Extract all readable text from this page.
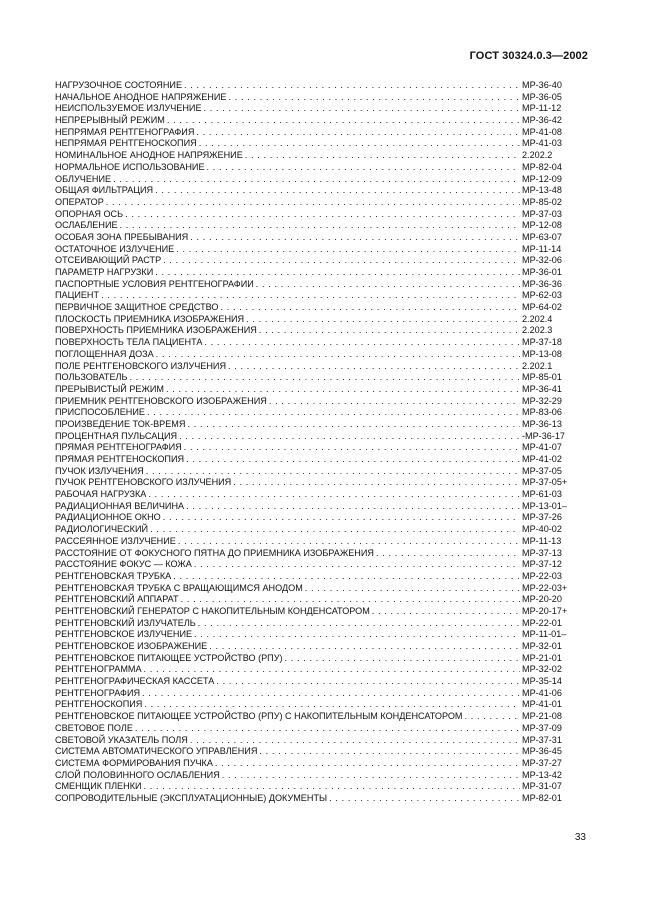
ГОСТ 30324.0.3—2002
НАГРУЗОЧНОЕ СОСТОЯНИЕ . . .	МР-36-40
НАЧАЛЬНОЕ АНОДНОЕ НАПРЯЖЕНИЕ . . .	МР-36-05
НЕИСПОЛЬЗУЕМОЕ ИЗЛУЧЕНИЕ . . .	МР-11-12
НЕПРЕРЫВНЫЙ РЕЖИМ . . .	МР-36-42
НЕПРЯМАЯ РЕНТГЕНОГРАФИЯ . . .	МР-41-08
НЕПРЯМАЯ РЕНТГЕНОСКОПИЯ . . .	МР-41-03
НОМИНАЛЬНОЕ АНОДНОЕ НАПРЯЖЕНИЕ . . .	2.202.2
НОРМАЛЬНОЕ ИСПОЛЬЗОВАНИЕ . . .	МР-82-04
ОБЛУЧЕНИЕ . . .	МР-12-09
ОБЩАЯ ФИЛЬТРАЦИЯ . . .	МР-13-48
ОПЕРАТОР . . .	МР-85-02
ОПОРНАЯ ОСЬ . . .	МР-37-03
ОСЛАБЛЕНИЕ . . .	МР-12-08
ОСОБАЯ ЗОНА ПРЕБЫВАНИЯ . . .	МР-63-07
ОСТАТОЧНОЕ ИЗЛУЧЕНИЕ . . .	МР-11-14
ОТСЕИВАЮЩИЙ РАСТР . . .	МР-32-06
ПАРАМЕТР НАГРУЗКИ . . .	МР-36-01
ПАСПОРТНЫЕ УСЛОВИЯ РЕНТГЕНОГРАФИИ . . .	МР-36-36
ПАЦИЕНТ . . .	МР-62-03
ПЕРВИЧНОЕ ЗАЩИТНОЕ СРЕДСТВО . . .	МР-64-02
ПЛОСКОСТЬ ПРИЕМНИКА ИЗОБРАЖЕНИЯ . . .	2.202.4
ПОВЕРХНОСТЬ ПРИЕМНИКА ИЗОБРАЖЕНИЯ . . .	2.202.3
ПОВЕРХНОСТЬ ТЕЛА ПАЦИЕНТА . . .	МР-37-18
ПОГЛОЩЕННАЯ ДОЗА . . .	МР-13-08
ПОЛЕ РЕНТГЕНОВСКОГО ИЗЛУЧЕНИЯ . . .	2.202.1
ПОЛЬЗОВАТЕЛЬ . . .	МР-85-01
ПРЕРЫВИСТЫЙ РЕЖИМ . . .	МР-36-41
ПРИЕМНИК РЕНТГЕНОВСКОГО ИЗОБРАЖЕНИЯ . . .	МР-32-29
ПРИСПОСОБЛЕНИЕ . . .	МР-83-06
ПРОИЗВЕДЕНИЕ ТОК-ВРЕМЯ . . .	МР-36-13
ПРОЦЕНТНАЯ ПУЛЬСАЦИЯ . . .	-МР-36-17
ПРЯМАЯ РЕНТГЕНОГРАФИЯ . . .	МР-41-07
ПРЯМАЯ РЕНТГЕНОСКОПИЯ . . .	МР-41-02
ПУЧОК ИЗЛУЧЕНИЯ . . .	МР-37-05
ПУЧОК РЕНТГЕНОВСКОГО ИЗЛУЧЕНИЯ . . .	МР-37-05+
РАБОЧАЯ НАГРУЗКА . . .	МР-61-03
РАДИАЦИОННАЯ ВЕЛИЧИНА . . .	МР-13-01–
РАДИАЦИОННОЕ ОКНО . . .	МР-37-26
РАДИОЛОГИЧЕСКИЙ . . .	МР-40-02
РАССЕЯННОЕ ИЗЛУЧЕНИЕ . . .	МР-11-13
РАССТОЯНИЕ ОТ ФОКУСНОГО ПЯТНА ДО ПРИЕМНИКА ИЗОБРАЖЕНИЯ . . .	МР-37-13
РАССТОЯНИЕ ФОКУС — КОЖА . . .	МР-37-12
РЕНТГЕНОВСКАЯ ТРУБКА . . .	МР-22-03
РЕНТГЕНОВСКАЯ ТРУБКА С ВРАЩАЮЩИМСЯ АНОДОМ . . .	МР-22-03+
РЕНТГЕНОВСКИЙ АППАРАТ . . .	МР-20-20
РЕНТГЕНОВСКИЙ ГЕНЕРАТОР С НАКОПИТЕЛЬНЫМ КОНДЕНСАТОРОМ . . .	МР-20-17+
РЕНТГЕНОВСКИЙ ИЗЛУЧАТЕЛЬ . . .	МР-22-01
РЕНТГЕНОВСКОЕ ИЗЛУЧЕНИЕ . . .	МР-11-01–
РЕНТГЕНОВСКОЕ ИЗОБРАЖЕНИЕ . . .	МР-32-01
РЕНТГЕНОВСКОЕ ПИТАЮЩЕЕ УСТРОЙСТВО (РПУ) . . .	МР-21-01
РЕНТГЕНОГРАММА . . .	МР-32-02
РЕНТГЕНОГРАФИЧЕСКАЯ КАССЕТА . . .	МР-35-14
РЕНТГЕНОГРАФИЯ . . .	МР-41-06
РЕНТГЕНОСКОПИЯ . . .	МР-41-01
РЕНТГЕНОВСКОЕ ПИТАЮЩЕЕ УСТРОЙСТВО (РПУ) С НАКОПИТЕЛЬНЫМ КОНДЕНСАТОРОМ . . .	МР-21-08
СВЕТОВОЕ ПОЛЕ . . .	МР-37-09
СВЕТОВОЙ УКАЗАТЕЛЬ ПОЛЯ . . .	МР-37-31
СИСТЕМА АВТОМАТИЧЕСКОГО УПРАВЛЕНИЯ . . .	МР-36-45
СИСТЕМА ФОРМИРОВАНИЯ ПУЧКА . . .	МР-37-27
СЛОЙ ПОЛОВИННОГО ОСЛАБЛЕНИЯ . . .	МР-13-42
СМЕНЩИК ПЛЕНКИ . . .	МР-31-07
СОПРОВОДИТЕЛЬНЫЕ (ЭКСПЛУАТАЦИОННЫЕ) ДОКУМЕНТЫ . . .	МР-82-01
33
